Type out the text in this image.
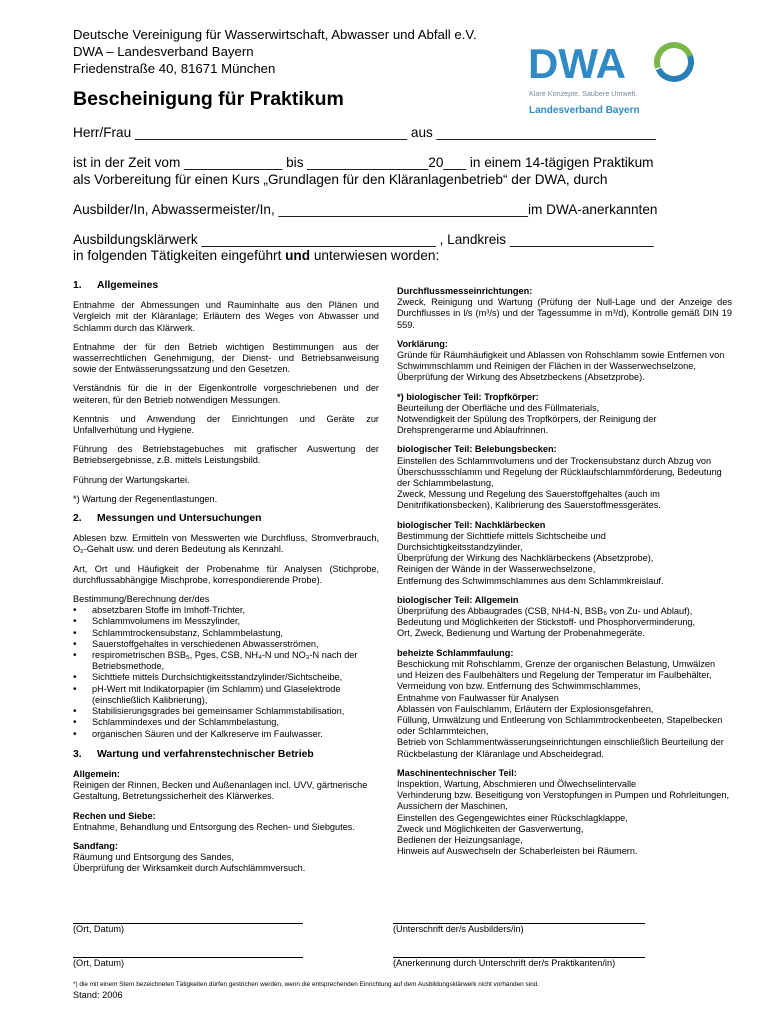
Deutsche Vereinigung für Wasserwirtschaft, Abwasser und Abfall e.V.
DWA – Landesverband Bayern
Friedenstraße 40, 81671 München	DWA
Klare Konzepte. Saubere Umwelt.
Landesverband Bayern
Bescheinigung für Praktikum
Herr/Frau ____________________________________ aus _____________________________
ist in der Zeit vom _____________ bis ________________20___ in einem 14-tägigen Praktikum
als Vorbereitung für einen Kurs „Grundlagen für den Kläranlagenbetrieb“ der DWA, durch
Ausbilder/In, Abwassermeister/In, _________________________________im DWA-anerkannten
Ausbildungsklärwerk _______________________________ , Landkreis ___________________
in folgenden Tätigkeiten eingeführt und unterwiesen worden:
1. Allgemeines

Entnahme der Abmessungen und Rauminhalte aus den Plänen und Vergleich mit der Kläranlage; Erläutern des Weges von Abwasser und Schlamm durch das Klärwerk.

Entnahme der für den Betrieb wichtigen Bestimmungen aus der wasserrechtlichen Genehmigung, der Dienst- und Betriebsanweisung sowie der Entwässerungssatzung und den Gesetzen.

Verständnis für die in der Eigenkontrolle vorgeschriebenen und der weiteren, für den Betrieb notwendigen Messungen.

Kenntnis und Anwendung der Einrichtungen und Geräte zur Unfallverhütung und Hygiene.

Führung des Betriebstagebuches mit grafischer Auswertung der Betriebsergebnisse, z.B. mittels Leistungsbild.

Führung der Wartungskartei.

*) Wartung der Regenentlastungen.

2. Messungen und Untersuchungen

Ablesen bzw. Ermitteln von Messwerten wie Durchfluss, Stromverbrauch, O₂-Gehalt usw. und deren Bedeutung als Kennzahl.

Art, Ort und Häufigkeit der Probenahme für Analysen (Stichprobe, durchflussabhängige Mischprobe, korrespondierende Probe).

Bestimmung/Berechnung der/des
• absetzbaren Stoffe im Imhoff-Trichter,
• Schlammvolumens im Messzylinder,
• Schlammtrockensubstanz, Schlammbelastung,
• Sauerstoffgehaltes in verschiedenen Abwasserströmen,
• respirometrischen BSB₅, Pges, CSB, NH₄-N und NO₃-N nach der Betriebsmethode,
• Sichttiefe mittels Durchsichtigkeitsstandzylinder/Sichtscheibe,
• pH-Wert mit Indikatorpapier (im Schlamm) und Glaselektrode (einschließlich Kalibrierung),
• Stabilisierungsgrades bei gemeinsamer Schlammstabilisation,
• Schlammindexes und der Schlammbelastung,
• organischen Säuren und der Kalkreserve im Faulwasser.
3. Wartung und verfahrenstechnischer Betrieb
Allgemein:
Reinigen der Rinnen, Becken und Außenanlagen incl. UVV, gärtnerische Gestaltung, Betretungssicherheit des Klärwerkes.
Rechen und Siebe:
Entnahme, Behandlung und Entsorgung des Rechen- und Siebgutes.
Sandfang:
Räumung und Entsorgung des Sandes,
Überprüfung der Wirksamkeit durch Aufschlämmversuch.
Durchflussmesseinrichtungen:

Zweck, Reinigung und Wartung (Prüfung der Null-Lage und der Anzeige des Durchflusses in l/s (m³/s) und der Tagessumme in m³/d), Kontrolle gemäß DIN 19 559.

Vorklärung:
Gründe für Räumhäufigkeit und Ablassen von Rohschlamm sowie Entfernen von Schwimmschlamm und Reinigen der Flächen in der Wasserwechselzone,
Überprüfung der Wirkung des Absetzbeckens (Absetzprobe).
*) biologischer Teil: Tropfkörper:
Beurteilung der Oberfläche und des Füllmaterials,
Notwendigkeit der Spülung des Tropfkörpers, der Reinigung der Drehsprengerarme und Ablaufrinnen.
biologischer Teil: Belebungsbecken:
Einstellen des Schlammvolumens und der Trockensubstanz durch Abzug von Überschussschlamm und Regelung der Rücklaufschlammförderung, Bedeutung der Schlammbelastung,
Zweck, Messung und Regelung des Sauerstoffgehaltes (auch im Denitrifikationsbecken), Kalibrierung des Sauerstoffmessgerätes.
biologischer Teil: Nachklärbecken
Bestimmung der Sichttiefe mittels Sichtscheibe und Durchsichtigkeitsstandzylinder,
Überprüfung der Wirkung des Nachklärbeckens (Absetzprobe),
Reinigen der Wände in der Wasserwechselzone,
Entfernung des Schwimmschlammes aus dem Schlammkreislauf.
biologischer Teil: Allgemein
Überprüfung des Abbaugrades (CSB, NH4-N, BSB₅ von Zu- und Ablauf), Bedeutung und Möglichkeiten der Stickstoff- und Phosphorverminderung,
Ort, Zweck, Bedienung und Wartung der Probenahmegeräte.
beheizte Schlammfaulung:
Beschickung mit Rohschlamm, Grenze der organischen Belastung, Umwälzen und Heizen des Faulbehälters und Regelung der Temperatur im Faulbehälter,
Vermeidung von bzw. Entfernung des Schwimmschlammes,
Entnahme von Faulwasser für Analysen
Ablassen von Faulschlamm, Erläutern der Explosionsgefahren,
Füllung, Umwälzung und Entleerung von Schlammtrockenbeeten, Stapelbecken oder Schlammteichen,
Betrieb von Schlammentwässerungseinrichtungen einschließlich Beurteilung der Rückbelastung der Kläranlage und Abscheidegrad.
Maschinentechnischer Teil:
Inspektion, Wartung, Abschmieren und Ölwechselintervalle
Verhinderung bzw. Beseitigung von Verstopfungen in Pumpen und Rohrleitungen, Aussichern der Maschinen,
Einstellen des Gegengewichtes einer Rückschlagklappe,
Zweck und Möglichkeiten der Gasverwertung,
Bedienen der Heizungsanlage,
Hinweis auf Auswechseln der Schaberleisten bei Räumern.
(Ort, Datum)	(Unterschrift der/s Ausbilders/in)
(Ort, Datum)	(Anerkennung durch Unterschrift der/s Praktikanten/in)
*) die mit einem Stern bezeichneten Tätigkeiten dürfen gestrichen werden, wenn die entsprechenden Einrichtung auf dem Ausbildungsklärwerk nicht vorhanden sind.
Stand: 2006
